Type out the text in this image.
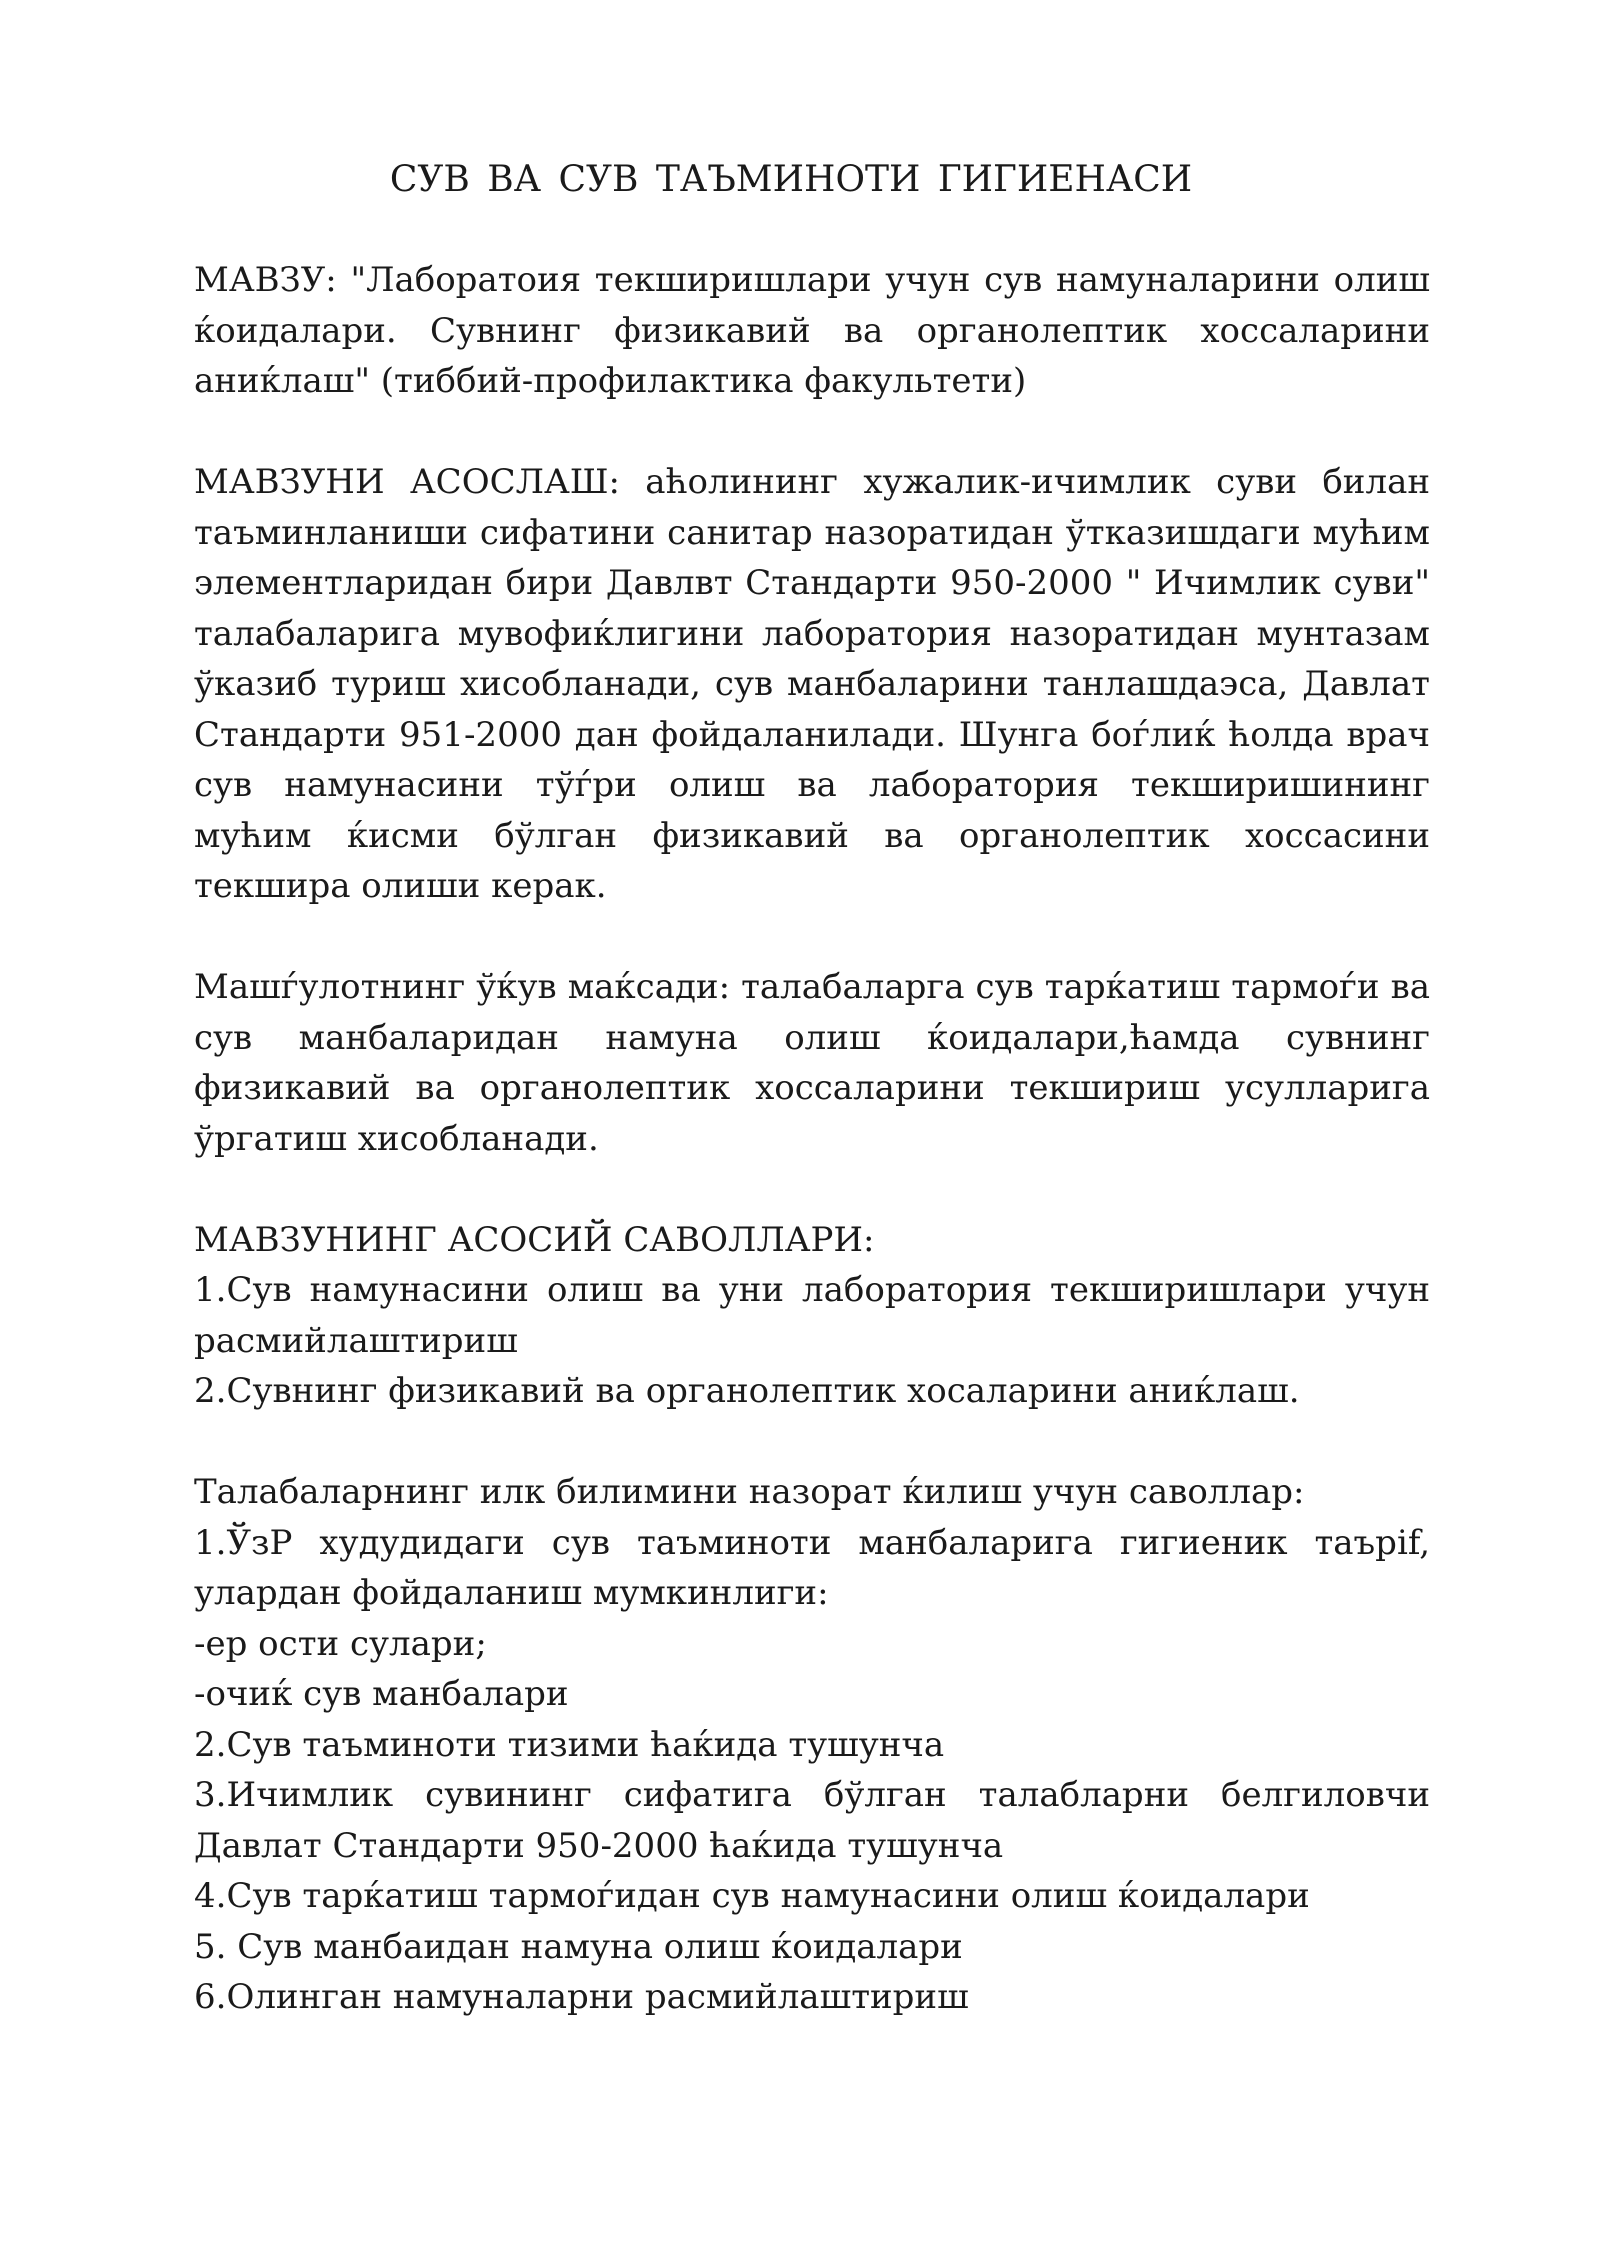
СУВ ВА СУВ ТАЪМИНОТИ ГИГИЕНАСИ

МАВЗУ: "Лаборатоия текширишлари учун сув намуналарини олиш ќоидалари. Сувнинг физикавий ва органолептик хоссаларини аниќлаш" (тиббий-профилактика факультети)

МАВЗУНИ АСОСЛАШ: аћолининг хужалик-ичимлик суви билан таъминланиши сифатини санитар назоратидан ўтказишдаги мућим элементларидан бири Давлвт Стандарти 950-2000 " Ичимлик суви" талабаларига мувофиќлигини лаборатория назоратидан мунтазам ўказиб туриш хисобланади, сув манбаларини танлашдаэса, Давлат Стандарти 951-2000 дан фойдаланилади. Шунга боѓлиќ ћолда врач сув намунасини тўѓри олиш ва лаборатория текширишининг мућим ќисми бўлган физикавий ва органолептик хоссасини текшира олиши керак.

Машѓулотнинг ўќув маќсади: талабаларга сув тарќатиш тармоѓи ва сув манбаларидан намуна олиш ќоидалари,ћамда сувнинг физикавий ва органолептик хоссаларини текшириш усулларига ўргатиш хисобланади.

МАВЗУНИНГ АСОСИЙ САВОЛЛАРИ:

1.Сув намунасини олиш ва уни лаборатория текширишлари учун расмийлаштириш

2.Сувнинг физикавий ва органолептик хосаларини аниќлаш.

Талабаларнинг илк билимини назорат ќилиш учун саволлар:

1.ЎзР худудидаги сув таъминоти манбаларига гигиеник таърif, улардан фойдаланиш мумкинлиги:

-ер ости сулари;

-очиќ сув манбалари

2.Сув таъминоти тизими ћаќида тушунча

3.Ичимлик сувининг сифатига бўлган талабларни белгиловчи Давлат Стандарти 950-2000 ћаќида тушунча

4.Сув тарќатиш тармоѓидан сув намунасини олиш ќоидалари

5. Сув манбаидан намуна олиш ќоидалари

6.Олинган намуналарни расмийлаштириш
